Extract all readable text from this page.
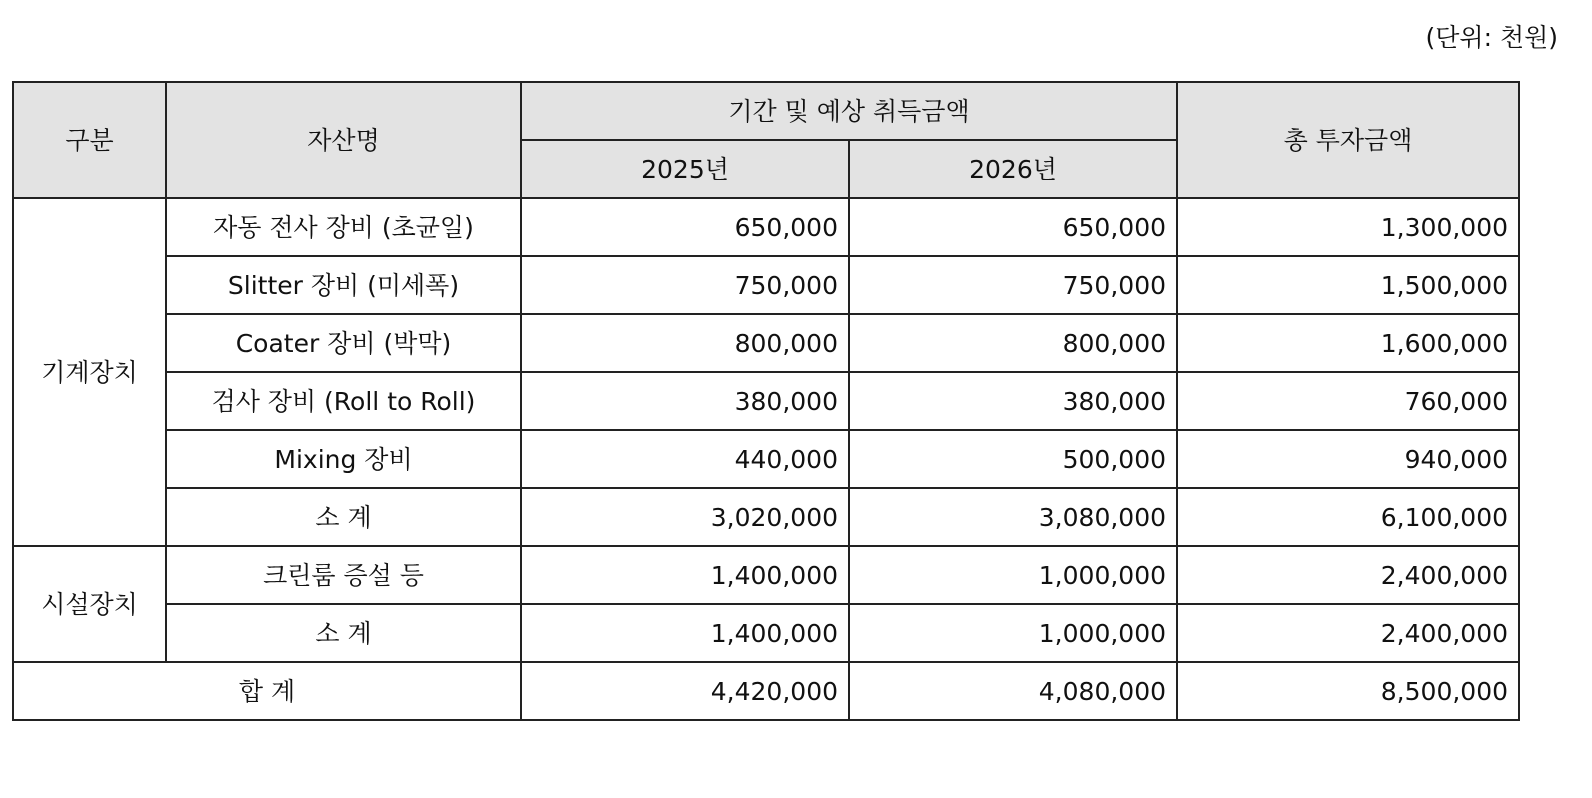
(단위: 천원)
구분	자산명	기간 및 예상 취득금액		총 투자금액
		2025년	2026년	
기계장치	자동 전사 장비 (초균일)	650,000	650,000	1,300,000
	Slitter 장비 (미세폭)	750,000	750,000	1,500,000
	Coater 장비 (박막)	800,000	800,000	1,600,000
	검사 장비 (Roll to Roll)	380,000	380,000	760,000
	Mixing 장비	440,000	500,000	940,000
	소 계	3,020,000	3,080,000	6,100,000
시설장치	크린룸 증설 등	1,400,000	1,000,000	2,400,000
	소 계	1,400,000	1,000,000	2,400,000
합 계		4,420,000	4,080,000	8,500,000
